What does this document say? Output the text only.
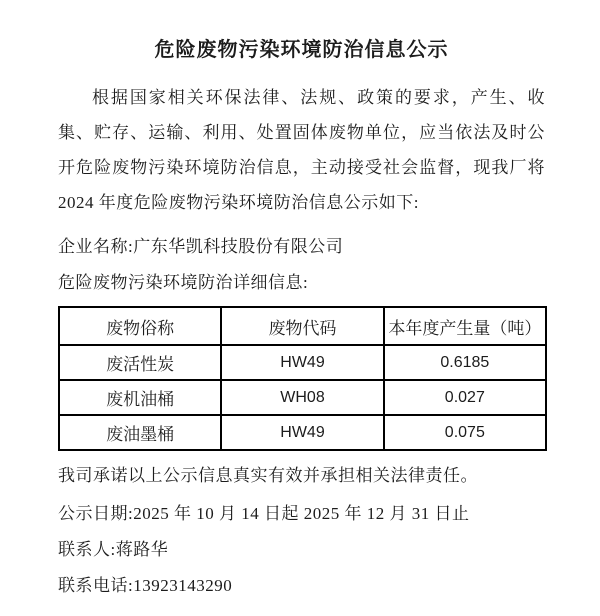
危险废物污染环境防治信息公示

根据国家相关环保法律、法规、政策的要求，产生、收集、贮存、运输、利用、处置固体废物单位，应当依法及时公开危险废物污染环境防治信息，主动接受社会监督，现我厂将 2024 年度危险废物污染环境防治信息公示如下:

企业名称:广东华凯科技股份有限公司
危险废物污染环境防治详细信息:
废物俗称	废物代码	本年度产生量（吨）
废活性炭	HW49	0.6185
废机油桶	WH08	0.027
废油墨桶	HW49	0.075
我司承诺以上公示信息真实有效并承担相关法律责任。
公示日期:2025 年 10 月 14 日起 2025 年 12 月 31 日止
联系人:蒋路华
联系电话:13923143290
